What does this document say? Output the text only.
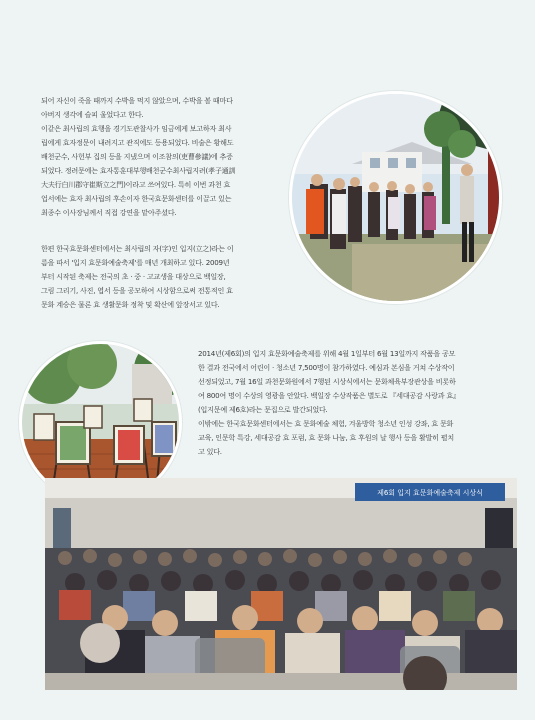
되어 자신이 죽을 때까지 수박을 먹지 않았으며, 수박을 볼 때마다
아버지 생각에 슬피 울었다고 한다.
이같은 최사립의 효행을 경기도관찰사가 임금에게 보고하자 최사
립에게 효자정문이 내려지고 관직에도 등용되었다. 비술은 황해도
배천군수, 사헌부 집의 등을 지냈으며 이조참의(吏曹參議)에 추증
되었다. 정려문에는 효자통훈대부행배천군수최사립지려(孝子通訓
大夫行白川郡守崔斯立之門)이라고 쓰여있다. 특히 이번 과천 효
업서에는 효자 최사립의 후손이자 한국효문화센터를 이끌고 있는
최종수 이사장님께서 직접 강연을 맡아주셨다.
한편 한국효문화센터에서는 최사립의 자(字)인 입지(立之)라는 이
름을 따서 '입지 효문화예술축제'를 매년 개최하고 있다. 2009년
부터 시작된 축제는 전국의 초 · 중 · 고교생을 대상으로 백일장,
그림 그리기, 사진, 엽서 등을 공모하여 시상함으로써 전통적인 효
문화 계승은 물론 효 생활문화 정착 및 확산에 앞장서고 있다.
2014년(제6회)의 입지 효문화예술축제를 위해 4월 1일부터 6월 13일까지 작품을 공모
한 결과 전국에서 어린이 · 청소년 7,500명이 참가하였다. 예심과 본심을 거쳐 수상작이
선정되었고, 7월 16일 과천문화원에서 7행된 시상식에서는 문화체육부장관상을 비롯하
여 800여 명이 수상의 영광을 안았다. 백일장 수상작품은 별도로 『세대공감 사랑과 효』
(입지문예 제6호)라는 문집으로 발간되었다.
이밖에는 한국효문화센터에서는 효 문화예술 체험, 겨울방학 청소년 인성 강좌, 효 문화
교육, 인문학 특강, 세대공감 효 포럼, 효 문화 나눔, 효 후원의 날 행사 등을 활발히 펼치
고 있다.
제6회 입지 효문화예술축제 시상식
